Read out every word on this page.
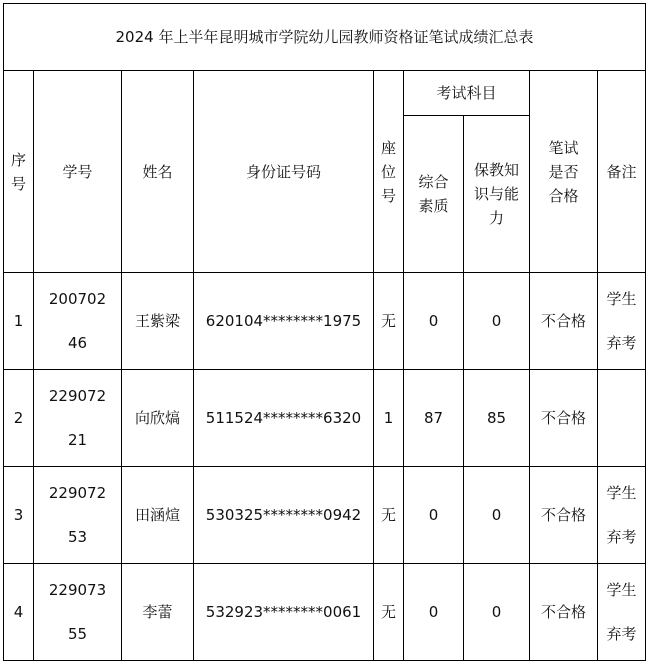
2024 年上半年昆明城市学院幼儿园教师资格证笔试成绩汇总表								

序号	学号	姓名	身份证号码	座位号	考试科目		笔试是否合格	备注

					综合素质	保教知识与能力		

1	20070246	王紫梁	620104********1975	无	0	0	不合格	学生弃考

2	22907221	向欣熇	511524********6320	1	87	85	不合格	

3	22907253	田涵煊	530325********0942	无	0	0	不合格	学生弃考

4	22907355	李蕾	532923********0061	无	0	0	不合格	学生弃考
